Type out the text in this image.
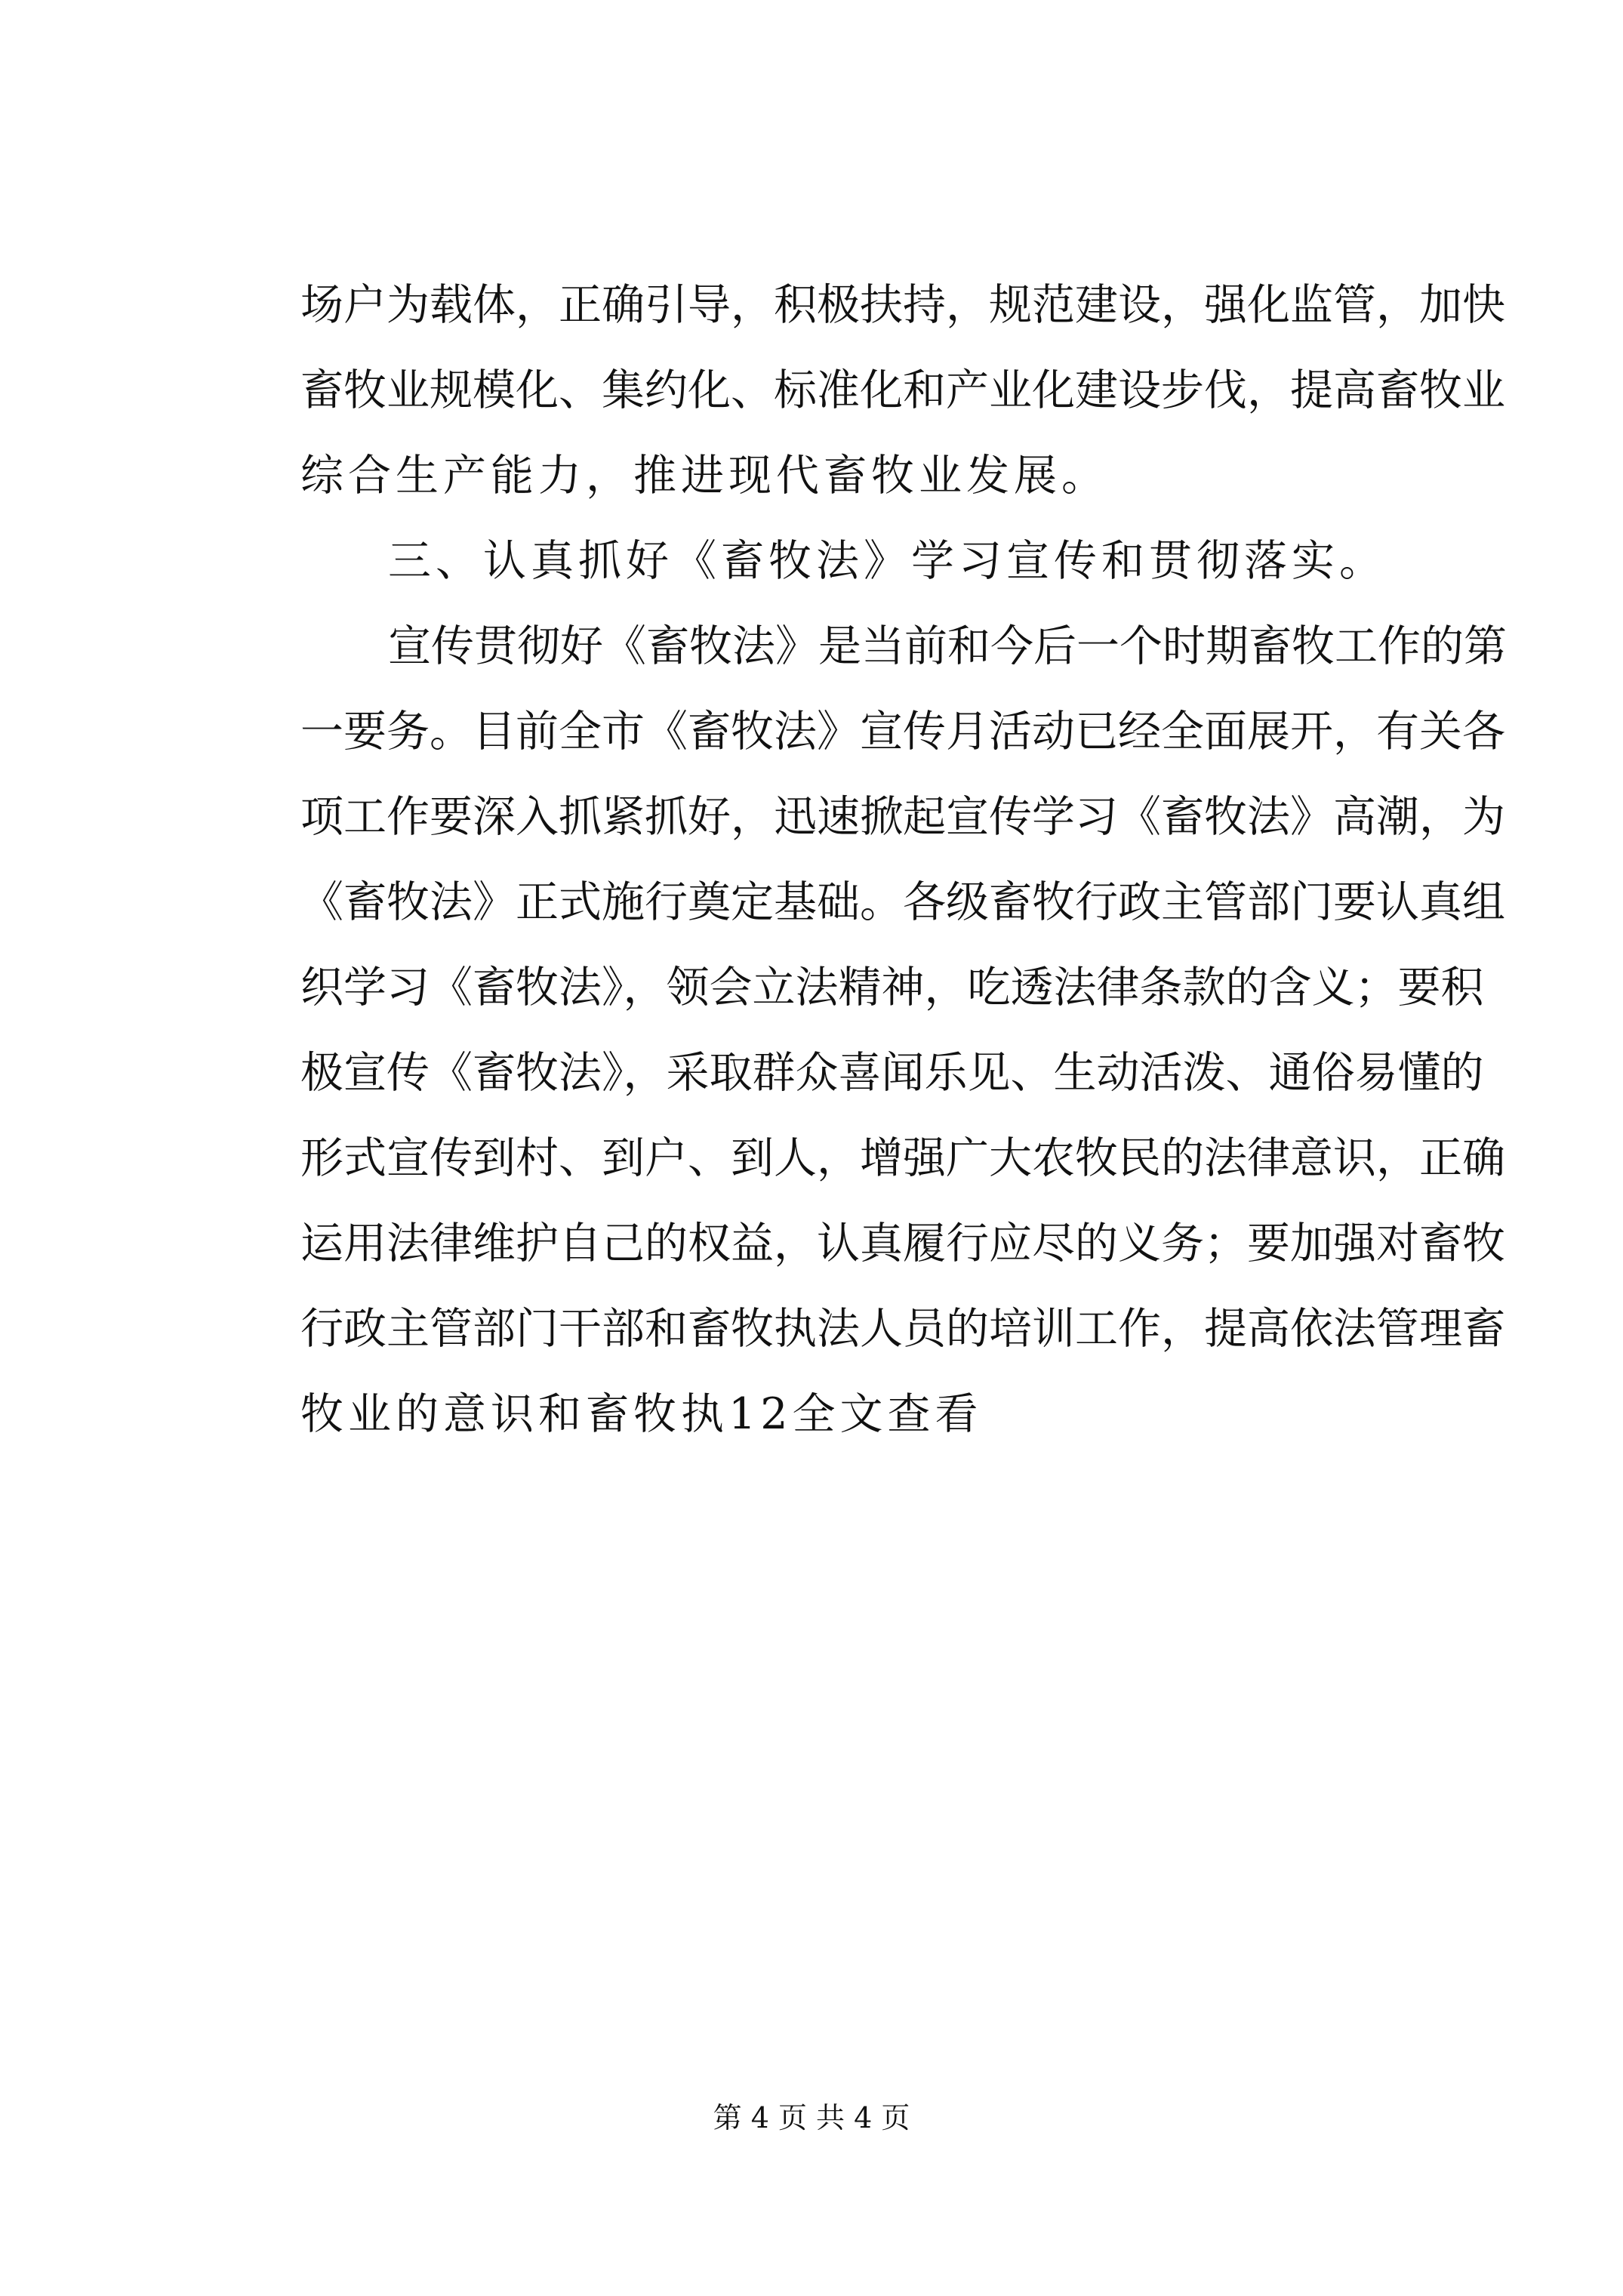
场户为载体，正确引导，积极扶持，规范建设，强化监管，加快
畜牧业规模化、集约化、标准化和产业化建设步伐，提高畜牧业
综合生产能力，推进现代畜牧业发展。
三、认真抓好《畜牧法》学习宣传和贯彻落实。
宣传贯彻好《畜牧法》是当前和今后一个时期畜牧工作的第
一要务。目前全市《畜牧法》宣传月活动已经全面展开，有关各
项工作要深入抓紧抓好，迅速掀起宣传学习《畜牧法》高潮，为
《畜牧法》正式施行奠定基础。各级畜牧行政主管部门要认真组
织学习《畜牧法》，领会立法精神，吃透法律条款的含义；要积
极宣传《畜牧法》，采取群众喜闻乐见、生动活泼、通俗易懂的
形式宣传到村、到户、到人，增强广大农牧民的法律意识，正确
运用法律维护自己的权益，认真履行应尽的义务；要加强对畜牧
行政主管部门干部和畜牧执法人员的培训工作，提高依法管理畜
牧业的意识和畜牧执12全文查看
第 4 页 共 4 页
